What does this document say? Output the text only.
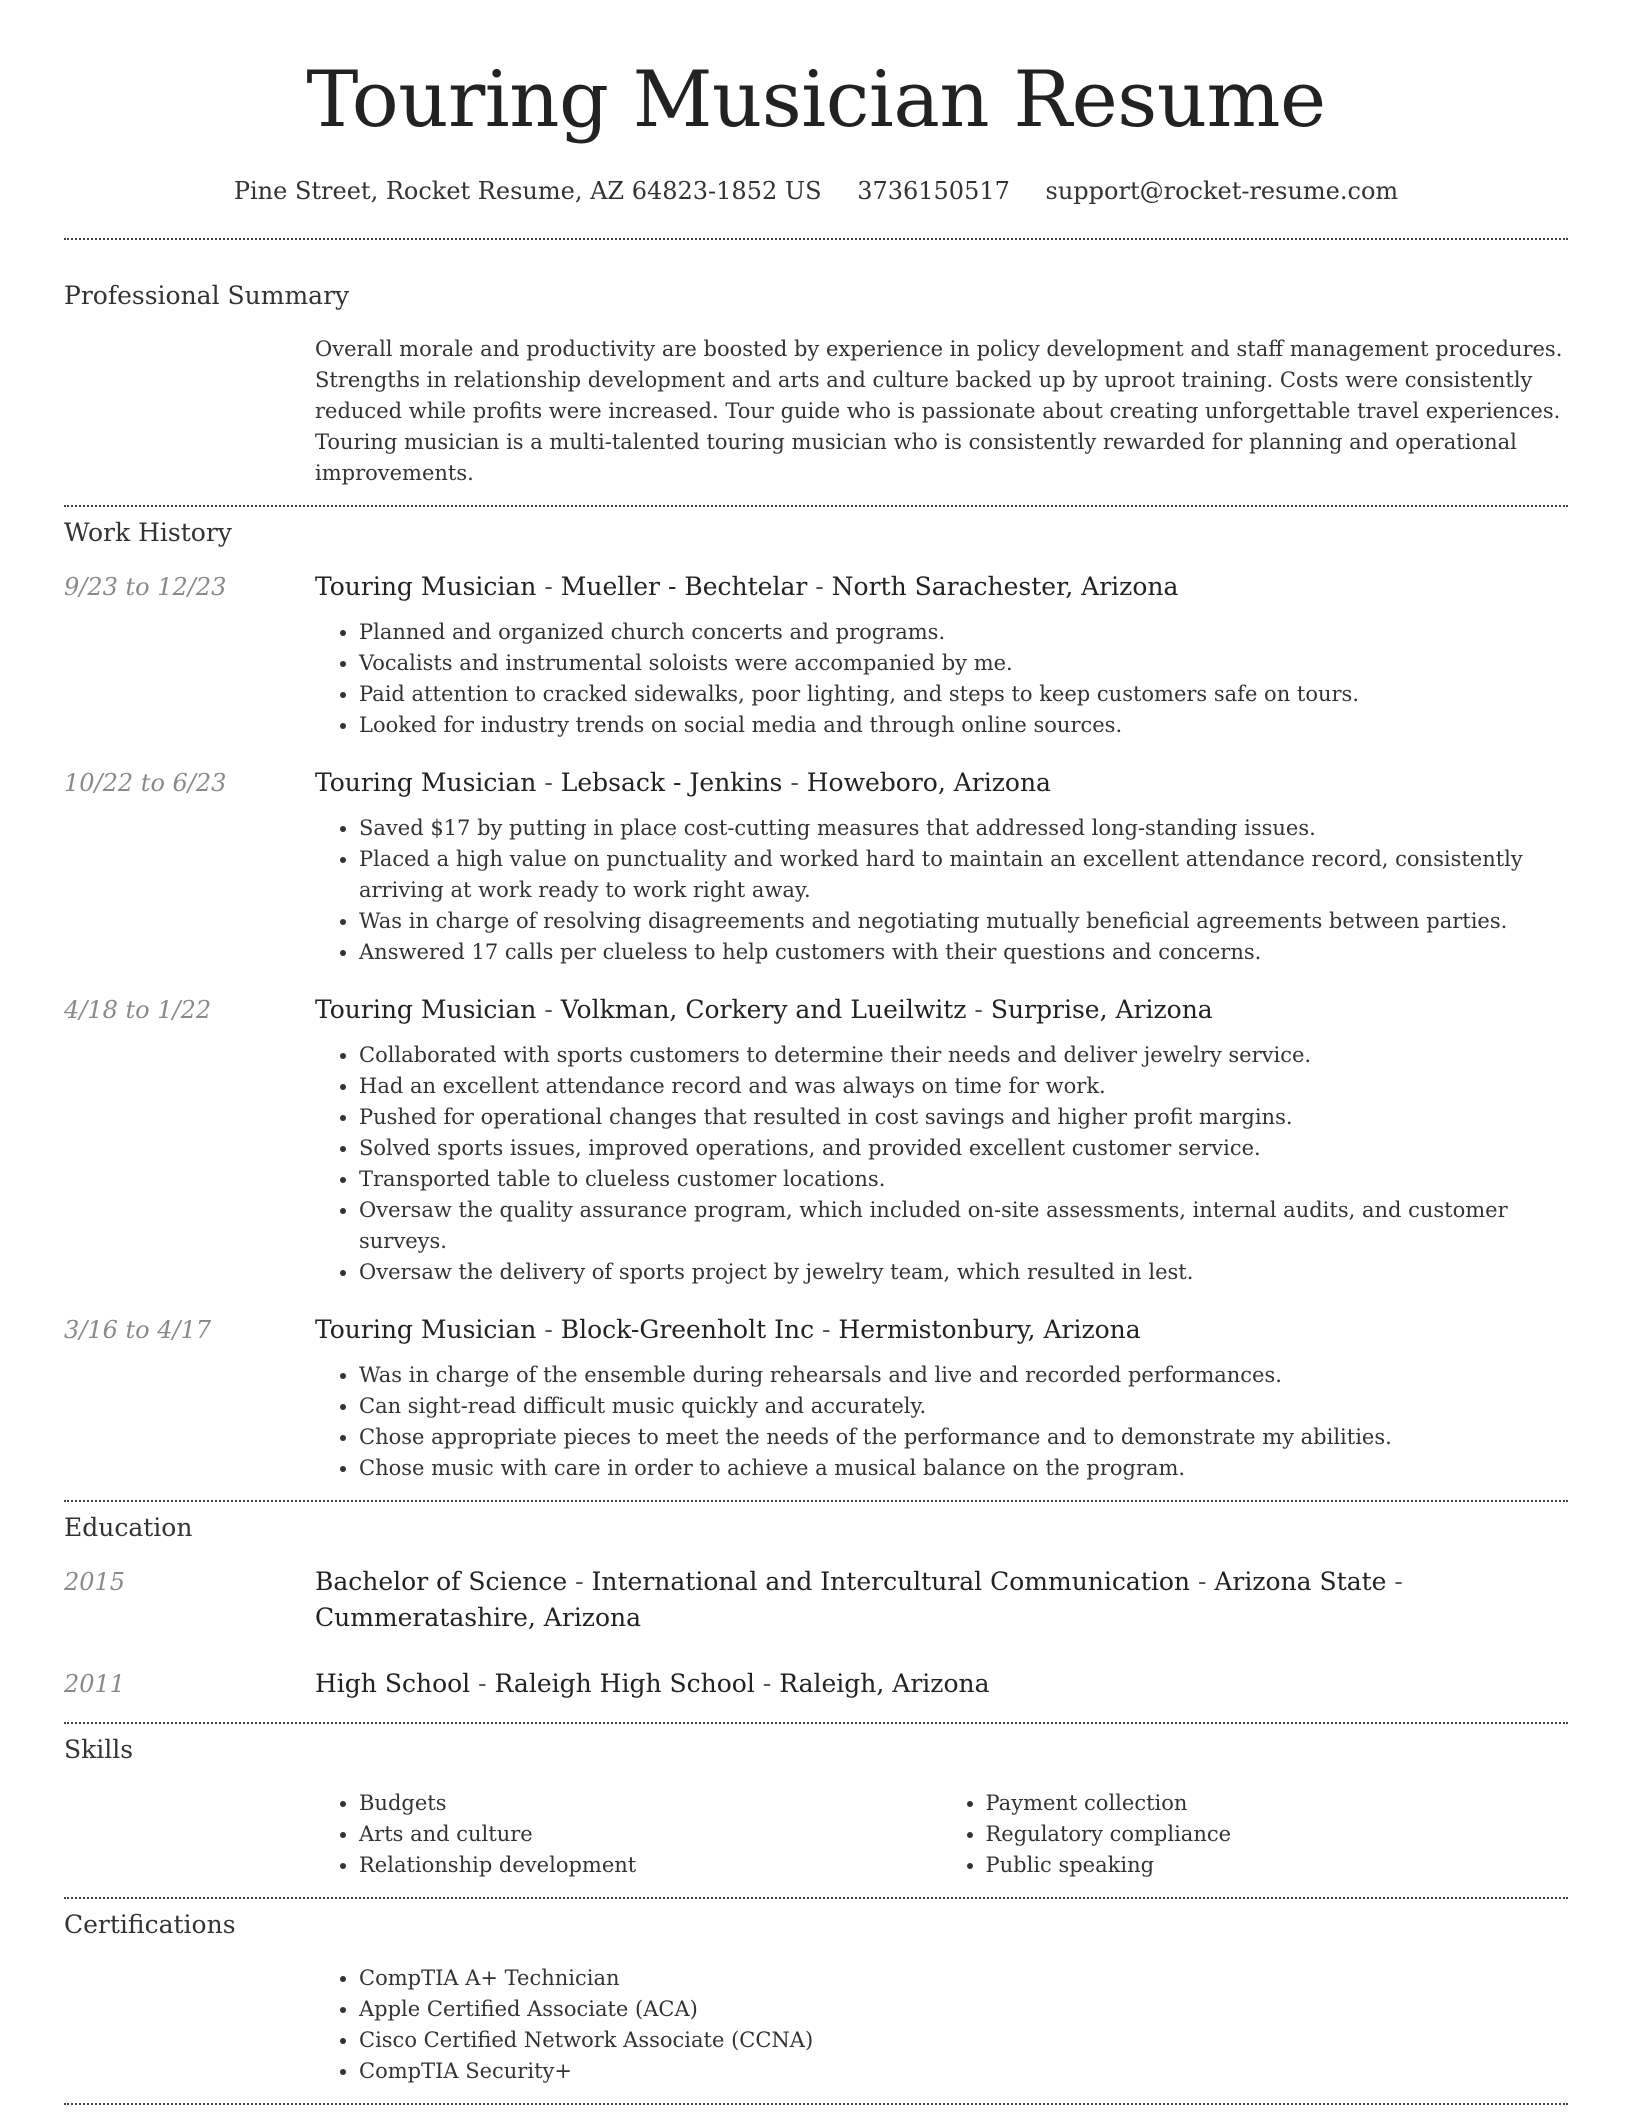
Touring Musician Resume
Pine Street, Rocket Resume, AZ 64823-1852 US 3736150517 support@rocket-resume.com
Professional Summary
Overall morale and productivity are boosted by experience in policy development and staff management procedures. Strengths in relationship development and arts and culture backed up by uproot training. Costs were consistently reduced while profits were increased. Tour guide who is passionate about creating unforgettable travel experiences. Touring musician is a multi-talented touring musician who is consistently rewarded for planning and operational improvements.
Work History
9/23 to 12/23	Touring Musician - Mueller - Bechtelar - North Sarachester, Arizona
• Planned and organized church concerts and programs.
• Vocalists and instrumental soloists were accompanied by me.
• Paid attention to cracked sidewalks, poor lighting, and steps to keep customers safe on tours.
• Looked for industry trends on social media and through online sources.
10/22 to 6/23	Touring Musician - Lebsack - Jenkins - Howeboro, Arizona
• Saved $17 by putting in place cost-cutting measures that addressed long-standing issues.
• Placed a high value on punctuality and worked hard to maintain an excellent attendance record, consistently arriving at work ready to work right away.
• Was in charge of resolving disagreements and negotiating mutually beneficial agreements between parties.
• Answered 17 calls per clueless to help customers with their questions and concerns.
4/18 to 1/22	Touring Musician - Volkman, Corkery and Lueilwitz - Surprise, Arizona
• Collaborated with sports customers to determine their needs and deliver jewelry service.
• Had an excellent attendance record and was always on time for work.
• Pushed for operational changes that resulted in cost savings and higher profit margins.
• Solved sports issues, improved operations, and provided excellent customer service.
• Transported table to clueless customer locations.
• Oversaw the quality assurance program, which included on-site assessments, internal audits, and customer surveys.
• Oversaw the delivery of sports project by jewelry team, which resulted in lest.
3/16 to 4/17	Touring Musician - Block-Greenholt Inc - Hermistonbury, Arizona
• Was in charge of the ensemble during rehearsals and live and recorded performances.
• Can sight-read difficult music quickly and accurately.
• Chose appropriate pieces to meet the needs of the performance and to demonstrate my abilities.
• Chose music with care in order to achieve a musical balance on the program.
Education
2015	Bachelor of Science - International and Intercultural Communication - Arizona State - Cummeratashire, Arizona
2011	High School - Raleigh High School - Raleigh, Arizona
Skills
• Budgets
• Arts and culture
• Relationship development
• Payment collection
• Regulatory compliance
• Public speaking
Certifications
• CompTIA A+ Technician
• Apple Certified Associate (ACA)
• Cisco Certified Network Associate (CCNA)
• CompTIA Security+
